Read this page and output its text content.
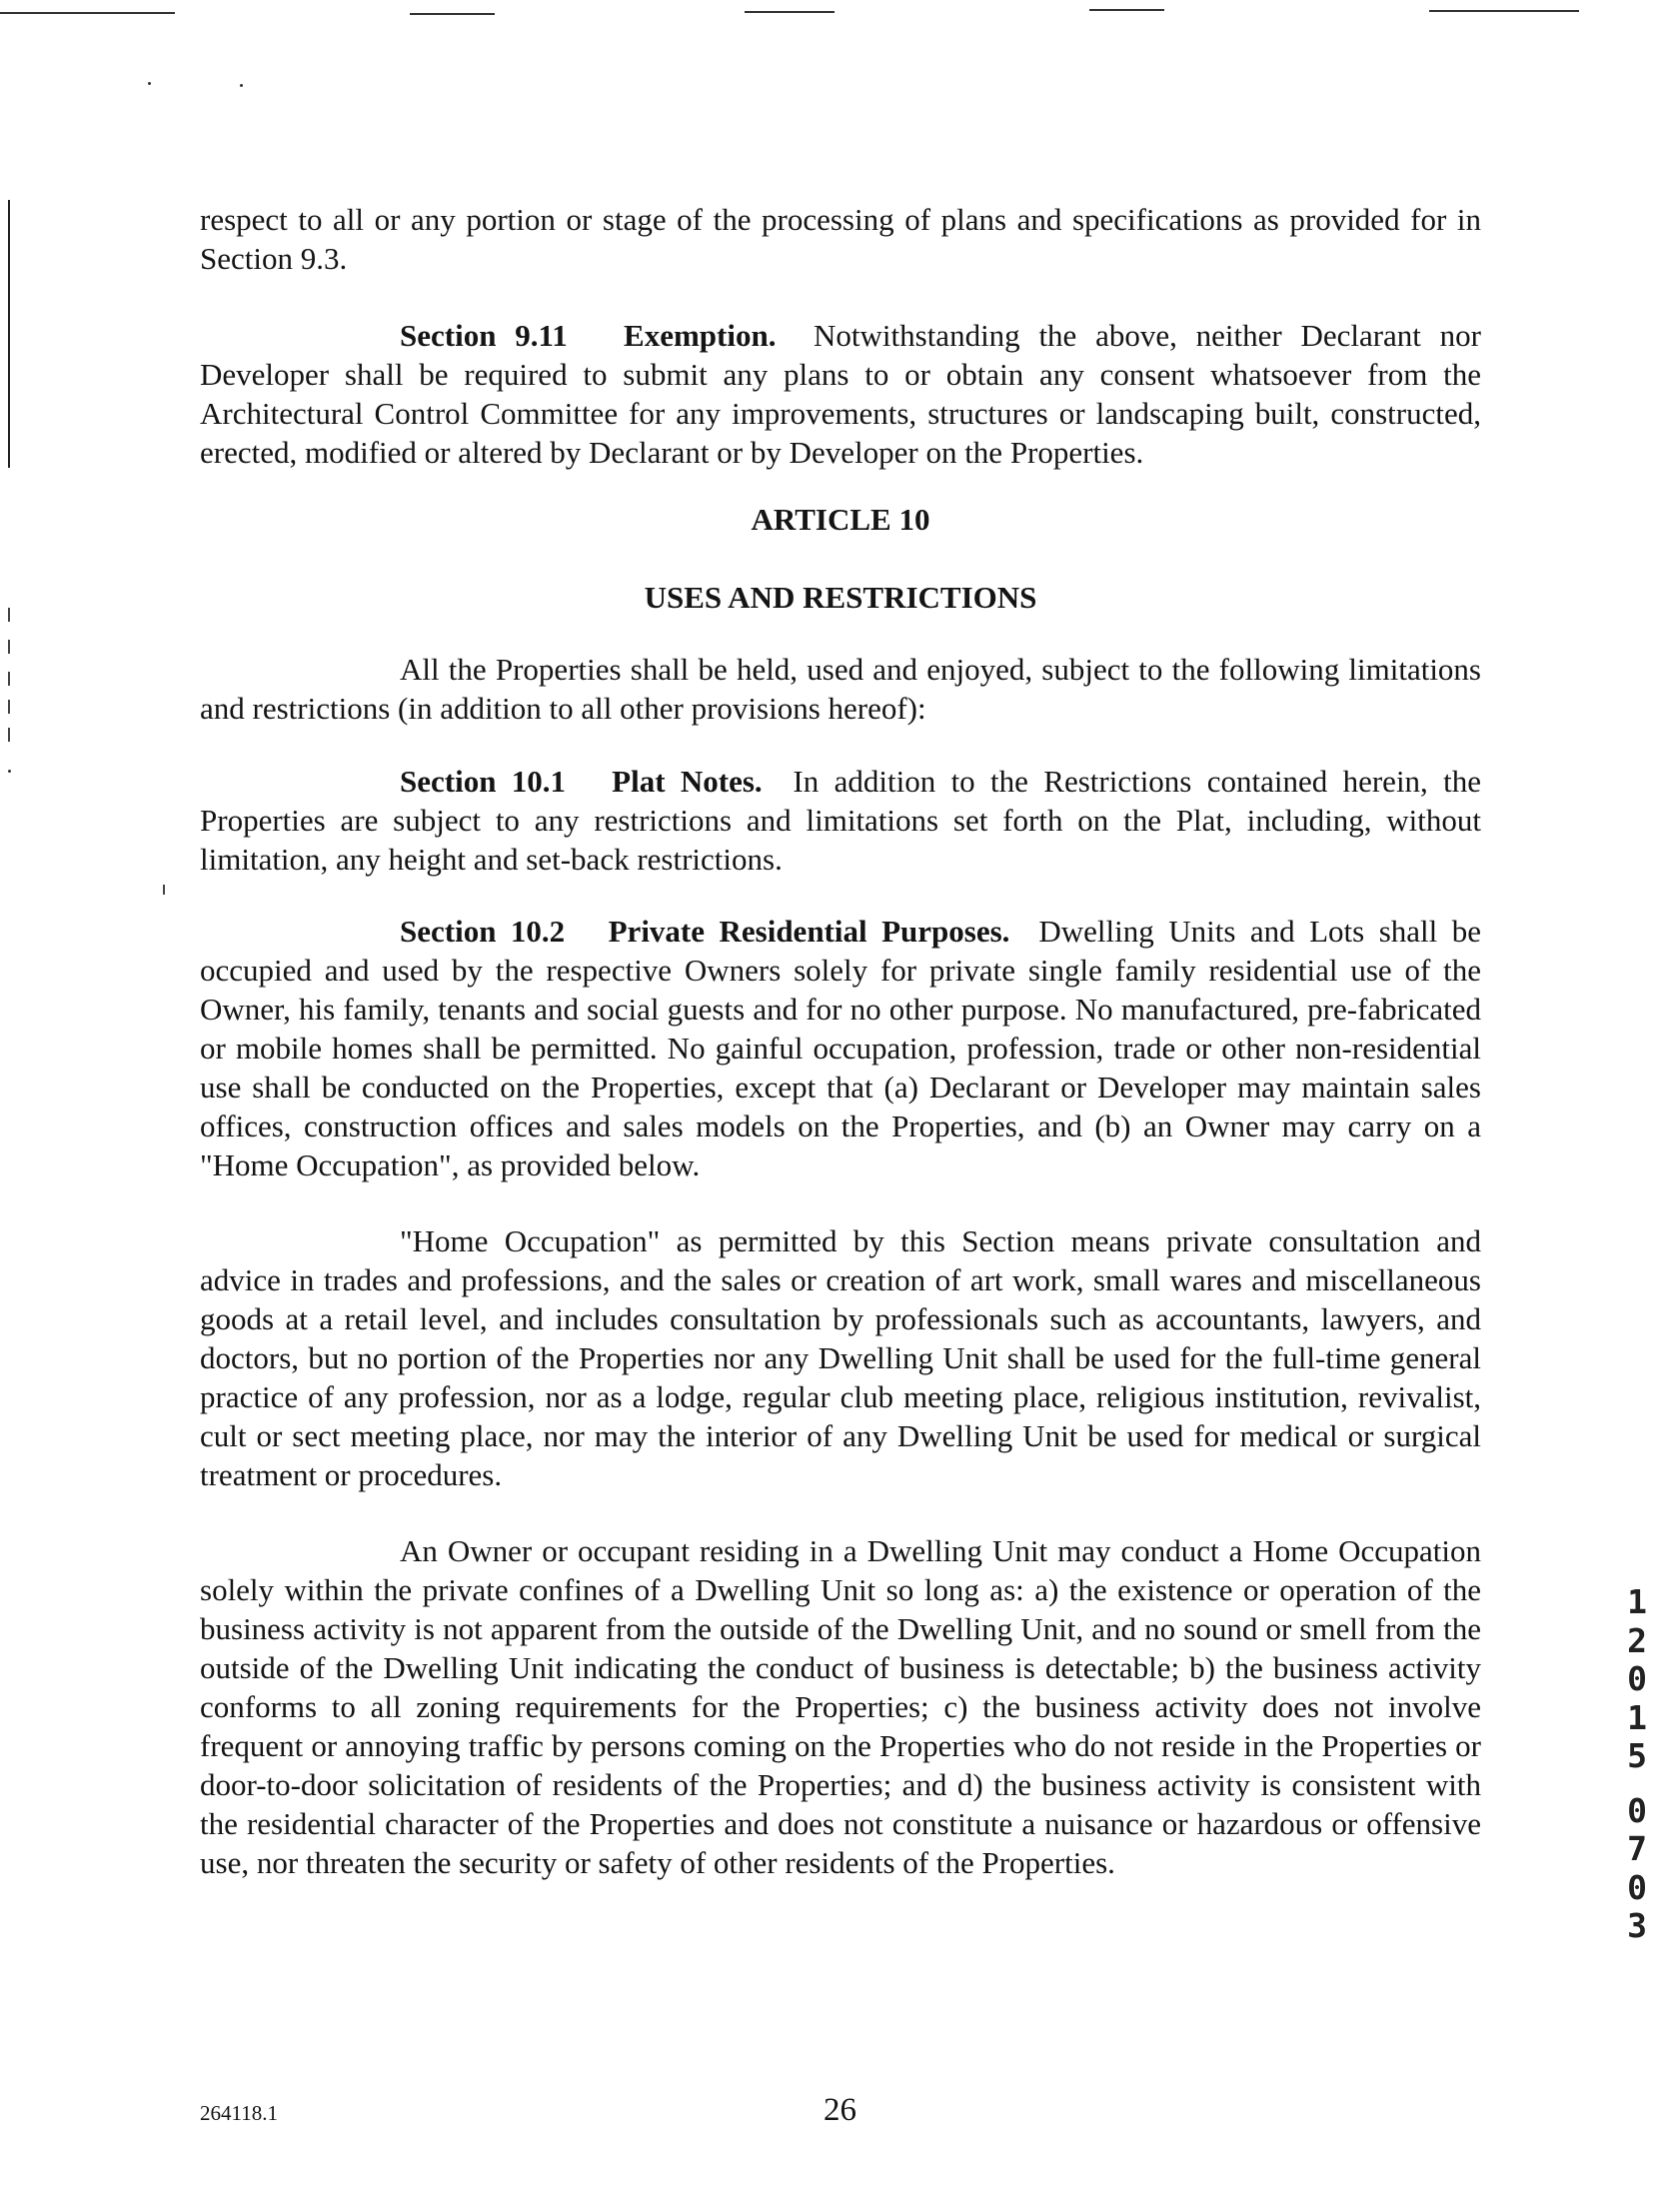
respect to all or any portion or stage of the processing of plans and specifications as provided for in Section 9.3.

Section 9.11 Exemption. Notwithstanding the above, neither Declarant nor Developer shall be required to submit any plans to or obtain any consent whatsoever from the Architectural Control Committee for any improvements, structures or landscaping built, constructed, erected, modified or altered by Declarant or by Developer on the Properties.

ARTICLE 10
USES AND RESTRICTIONS

All the Properties shall be held, used and enjoyed, subject to the following limitations and restrictions (in addition to all other provisions hereof):

Section 10.1 Plat Notes. In addition to the Restrictions contained herein, the Properties are subject to any restrictions and limitations set forth on the Plat, including, without limitation, any height and set-back restrictions.

Section 10.2 Private Residential Purposes. Dwelling Units and Lots shall be occupied and used by the respective Owners solely for private single family residential use of the Owner, his family, tenants and social guests and for no other purpose. No manufactured, pre-fabricated or mobile homes shall be permitted. No gainful occupation, profession, trade or other non-residential use shall be conducted on the Properties, except that (a) Declarant or Developer may maintain sales offices, construction offices and sales models on the Properties, and (b) an Owner may carry on a "Home Occupation", as provided below.

"Home Occupation" as permitted by this Section means private consultation and advice in trades and professions, and the sales or creation of art work, small wares and miscellaneous goods at a retail level, and includes consultation by professionals such as accountants, lawyers, and doctors, but no portion of the Properties nor any Dwelling Unit shall be used for the full-time general practice of any profession, nor as a lodge, regular club meeting place, religious institution, revivalist, cult or sect meeting place, nor may the interior of any Dwelling Unit be used for medical or surgical treatment or procedures.

An Owner or occupant residing in a Dwelling Unit may conduct a Home Occupation solely within the private confines of a Dwelling Unit so long as: a) the existence or operation of the business activity is not apparent from the outside of the Dwelling Unit, and no sound or smell from the outside of the Dwelling Unit indicating the conduct of business is detectable; b) the business activity conforms to all zoning requirements for the Properties; c) the business activity does not involve frequent or annoying traffic by persons coming on the Properties who do not reside in the Properties or door-to-door solicitation of residents of the Properties; and d) the business activity is consistent with the residential character of the Properties and does not constitute a nuisance or hazardous or offensive use, nor threaten the security or safety of other residents of the Properties.

1
2
0
1
5
0
7
0
3
264118.1	26
